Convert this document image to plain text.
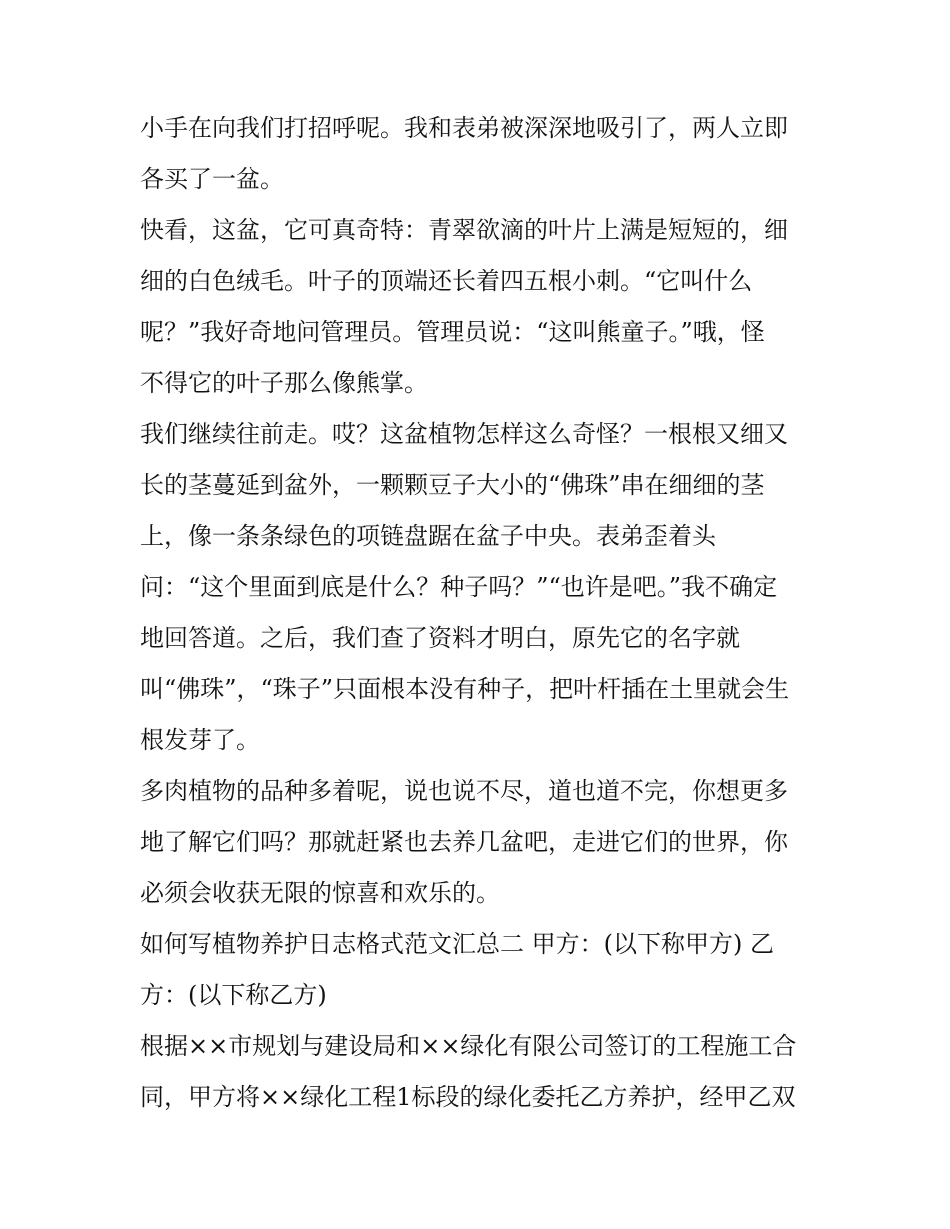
小手在向我们打招呼呢。我和表弟被深深地吸引了，两人立即
各买了一盆。
快看，这盆，它可真奇特：青翠欲滴的叶片上满是短短的，细
细的白色绒毛。叶子的顶端还长着四五根小刺。“它叫什么
呢？”我好奇地问管理员。管理员说：“这叫熊童子。”哦，怪
不得它的叶子那么像熊掌。
我们继续往前走。哎？这盆植物怎样这么奇怪？一根根又细又
长的茎蔓延到盆外，一颗颗豆子大小的“佛珠”串在细细的茎
上，像一条条绿色的项链盘踞在盆子中央。表弟歪着头
问：“这个里面到底是什么？种子吗？”“也许是吧。”我不确定
地回答道。之后，我们查了资料才明白，原先它的名字就
叫“佛珠”，“珠子”只面根本没有种子，把叶杆插在土里就会生
根发芽了。
多肉植物的品种多着呢，说也说不尽，道也道不完，你想更多
地了解它们吗？那就赶紧也去养几盆吧，走进它们的世界，你
必须会收获无限的惊喜和欢乐的。
如何写植物养护日志格式范文汇总二 甲方：(以下称甲方) 乙
方：(以下称乙方)
根据××市规划与建设局和××绿化有限公司签订的工程施工合
同，甲方将××绿化工程1标段的绿化委托乙方养护，经甲乙双
